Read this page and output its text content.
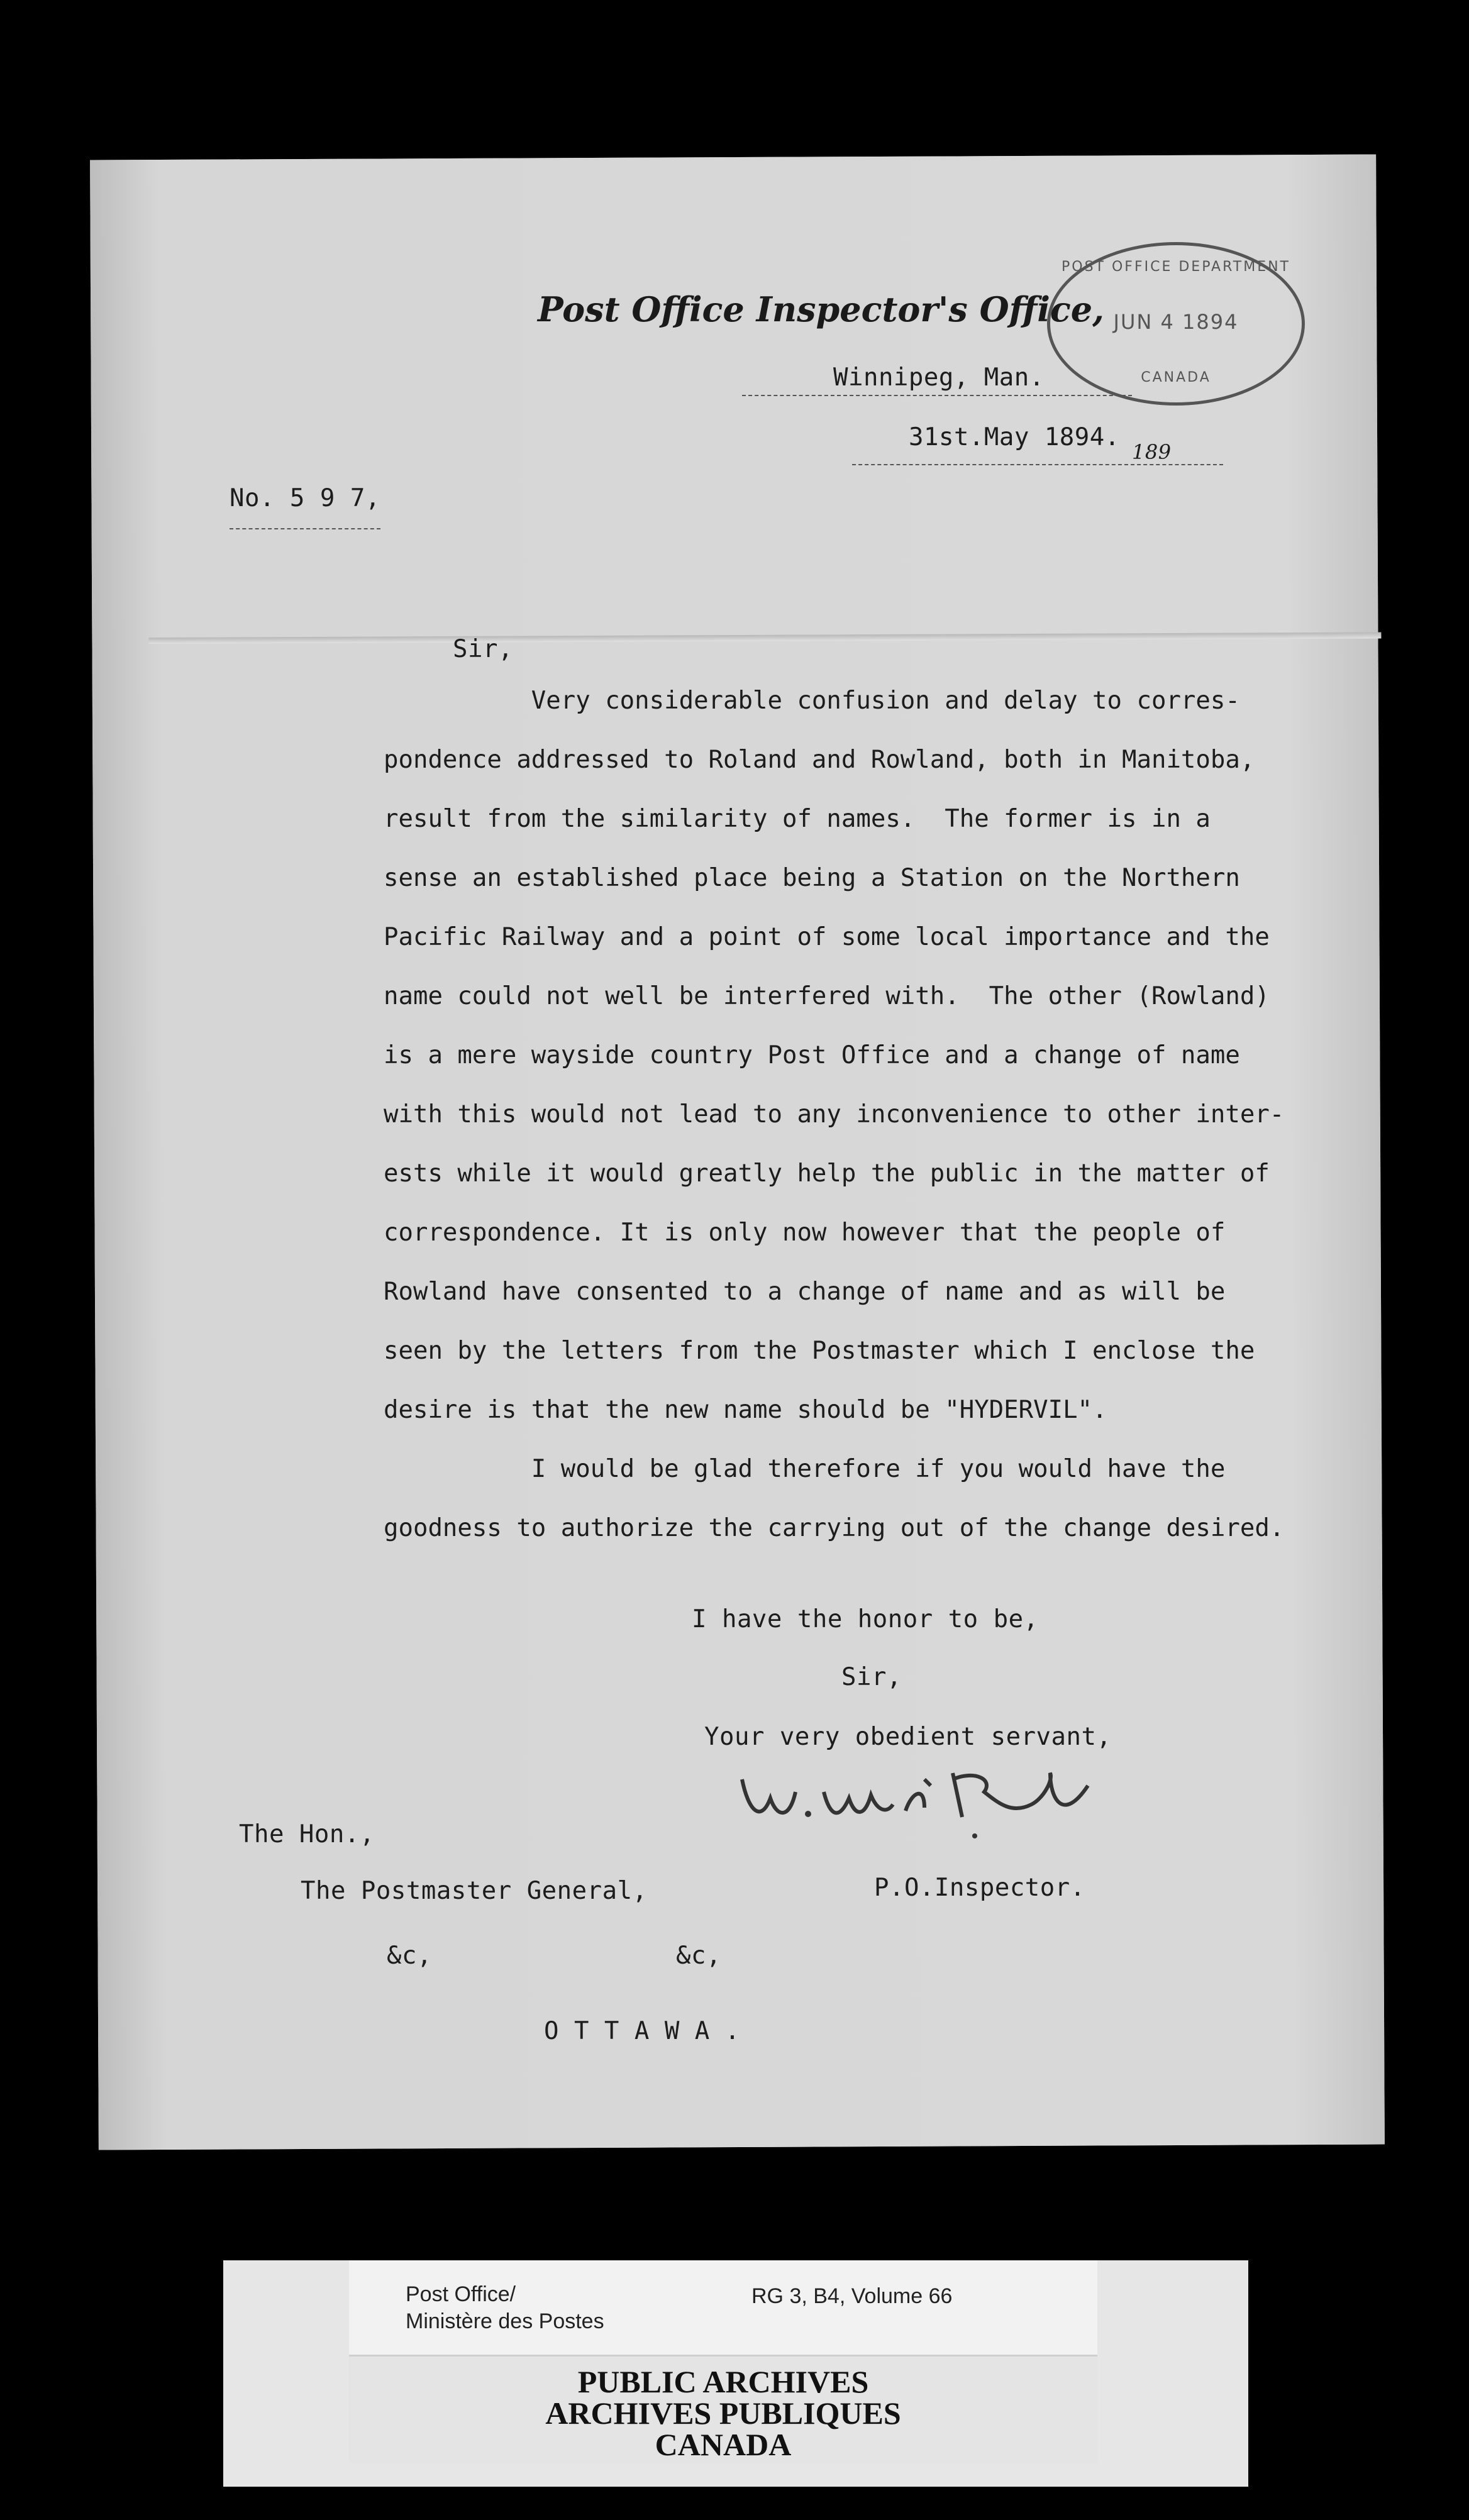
Post Office Inspector's Office,
Winnipeg, Man.
31st.May 1894.
189
POST OFFICE DEPARTMENT
JUN 4 1894
CANADA
No. 5 9 7,
Sir,
Very considerable confusion and delay to corres-
pondence addressed to Roland and Rowland, both in Manitoba,
result from the similarity of names.  The former is in a
sense an established place being a Station on the Northern
Pacific Railway and a point of some local importance and the
name could not well be interfered with.  The other (Rowland)
is a mere wayside country Post Office and a change of name
with this would not lead to any inconvenience to other inter-
ests while it would greatly help the public in the matter of
correspondence. It is only now however that the people of
Rowland have consented to a change of name and as will be
seen by the letters from the Postmaster which I enclose the
desire is that the new name should be "HYDERVIL".
I would be glad therefore if you would have the
goodness to authorize the carrying out of the change desired.
I have the honor to be,
Sir,
Your very obedient servant,
The Hon.,
The Postmaster General,	P.O.Inspector.
&c,	&c,
O T T A W A .
Post Office/
Ministère des Postes
RG 3, B4, Volume 66
PUBLIC ARCHIVES
ARCHIVES PUBLIQUES
CANADA
